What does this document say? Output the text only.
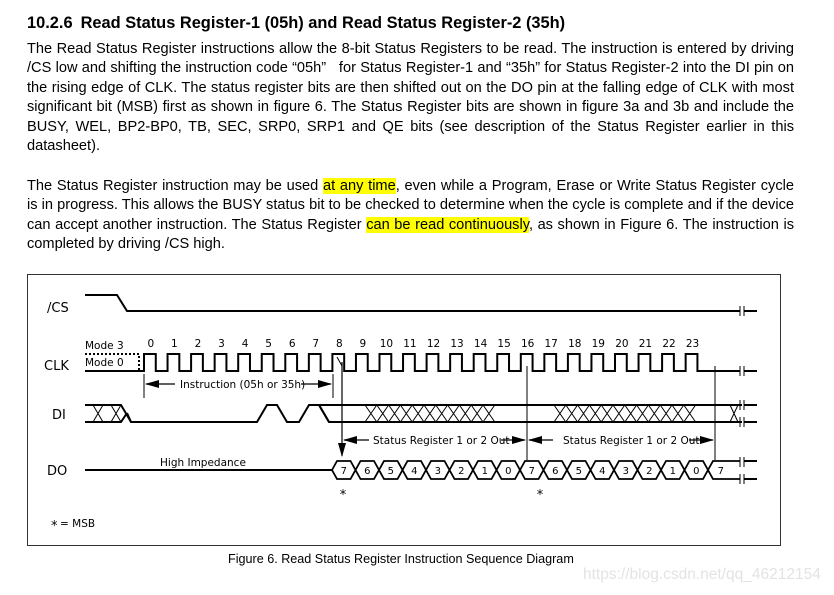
10.2.6 Read Status Register-1 (05h) and Read Status Register-2 (35h)
The Read Status Register instructions allow the 8-bit Status Registers to be read. The instruction is entered by driving /CS low and shifting the instruction code “05h”   for Status Register-1 and “35h” for Status Register-2 into the DI pin on the rising edge of CLK. The status register bits are then shifted out on the DO pin at the falling edge of CLK with most significant bit (MSB) first as shown in figure 6. The Status Register bits are shown in figure 3a and 3b and include the BUSY, WEL, BP2-BP0, TB, SEC, SRP0, SRP1 and QE bits (see description of the Status Register earlier in this datasheet).
The Status Register instruction may be used at any time, even while a Program, Erase or Write Status Register cycle is in progress. This allows the BUSY status bit to be checked to determine when the cycle is complete and if the device can accept another instruction. The Status Register can be read continuously, as shown in Figure 6. The instruction is completed by driving /CS high.
/CS
CLK
DI
DO
Mode 3
Mode 0
0 1 2 3 4 5 6 7 8 9 10 11 12 13 14 15 16 17 18 19 20 21 22 23
Instruction (05h or 35h)
Status Register 1 or 2 Out	Status Register 1 or 2 Out
High Impedance
7 6 5 4 3 2 1 0 7 6 5 4 3 2 1 0 7
*	*
* = MSB
Figure 6. Read Status Register Instruction Sequence Diagram
https://blog.csdn.net/qq_46212154
